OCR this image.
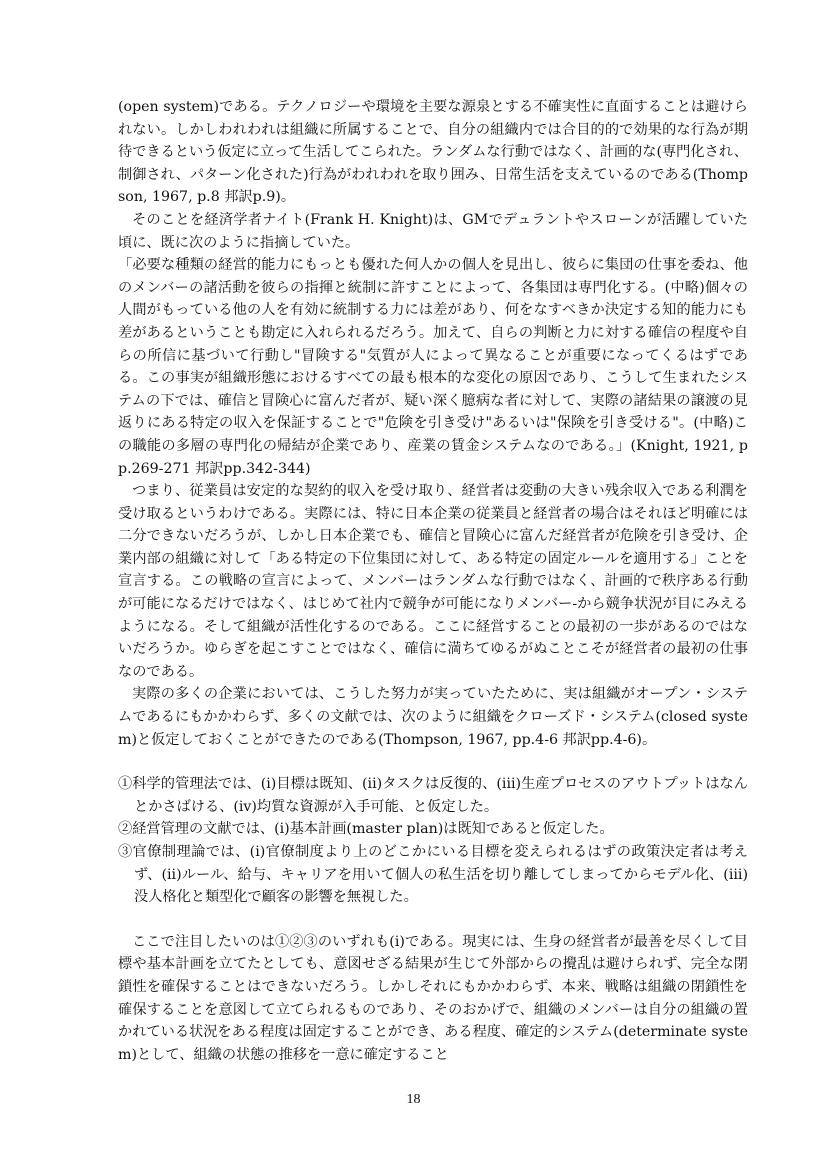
(open system)である。テクノロジーや環境を主要な源泉とする不確実性に直面することは避けられない。しかしわれわれは組織に所属することで、自分の組織内では合目的的で効果的な行為が期待できるという仮定に立って生活してこられた。ランダムな行動ではなく、計画的な(専門化され、制御され、パターン化された)行為がわれわれを取り囲み、日常生活を支えているのである(Thompson, 1967, p.8 邦訳p.9)。

そのことを経済学者ナイト(Frank H. Knight)は、GMでデュラントやスローンが活躍していた頃に、既に次のように指摘していた。

「必要な種類の経営的能力にもっとも優れた何人かの個人を見出し、彼らに集団の仕事を委ね、他のメンバーの諸活動を彼らの指揮と統制に許すことによって、各集団は専門化する。(中略)個々の人間がもっている他の人を有効に統制する力には差があり、何をなすべきか決定する知的能力にも差があるということも勘定に入れられるだろう。加えて、自らの判断と力に対する確信の程度や自らの所信に基づいて行動し"冒険する"気質が人によって異なることが重要になってくるはずである。この事実が組織形態におけるすべての最も根本的な変化の原因であり、こうして生まれたシステムの下では、確信と冒険心に富んだ者が、疑い深く臆病な者に対して、実際の諸結果の譲渡の見返りにある特定の収入を保証することで"危険を引き受け"あるいは"保険を引き受ける"。(中略)この職能の多層の専門化の帰結が企業であり、産業の賃金システムなのである。」(Knight, 1921, pp.269-271 邦訳pp.342-344)

つまり、従業員は安定的な契約的収入を受け取り、経営者は変動の大きい残余収入である利潤を受け取るというわけである。実際には、特に日本企業の従業員と経営者の場合はそれほど明確には二分できないだろうが、しかし日本企業でも、確信と冒険心に富んだ経営者が危険を引き受け、企業内部の組織に対して「ある特定の下位集団に対して、ある特定の固定ルールを適用する」ことを宣言する。この戦略の宣言によって、メンバーはランダムな行動ではなく、計画的で秩序ある行動が可能になるだけではなく、はじめて社内で競争が可能になりメンバー-から競争状況が目にみえるようになる。そして組織が活性化するのである。ここに経営することの最初の一歩があるのではないだろうか。ゆらぎを起こすことではなく、確信に満ちてゆるがぬことこそが経営者の最初の仕事なのである。

実際の多くの企業においては、こうした努力が実っていたために、実は組織がオープン・システムであるにもかかわらず、多くの文献では、次のように組織をクローズド・システム(closed system)と仮定しておくことができたのである(Thompson, 1967, pp.4-6 邦訳pp.4-6)。

①科学的管理法では、(i)目標は既知、(ii)タスクは反復的、(iii)生産プロセスのアウトプットはなんとかさばける、(iv)均質な資源が入手可能、と仮定した。

②経営管理の文献では、(i)基本計画(master plan)は既知であると仮定した。

③官僚制理論では、(i)官僚制度より上のどこかにいる目標を変えられるはずの政策決定者は考えず、(ii)ルール、給与、キャリアを用いて個人の私生活を切り離してしまってからモデル化、(iii)没人格化と類型化で顧客の影響を無視した。

ここで注目したいのは①②③のいずれも(i)である。現実には、生身の経営者が最善を尽くして目標や基本計画を立てたとしても、意図せざる結果が生じて外部からの攪乱は避けられず、完全な閉鎖性を確保することはできないだろう。しかしそれにもかかわらず、本来、戦略は組織の閉鎖性を確保することを意図して立てられるものであり、そのおかげで、組織のメンバーは自分の組織の置かれている状況をある程度は固定することができ、ある程度、確定的システム(determinate system)として、組織の状態の推移を一意に確定すること

18
